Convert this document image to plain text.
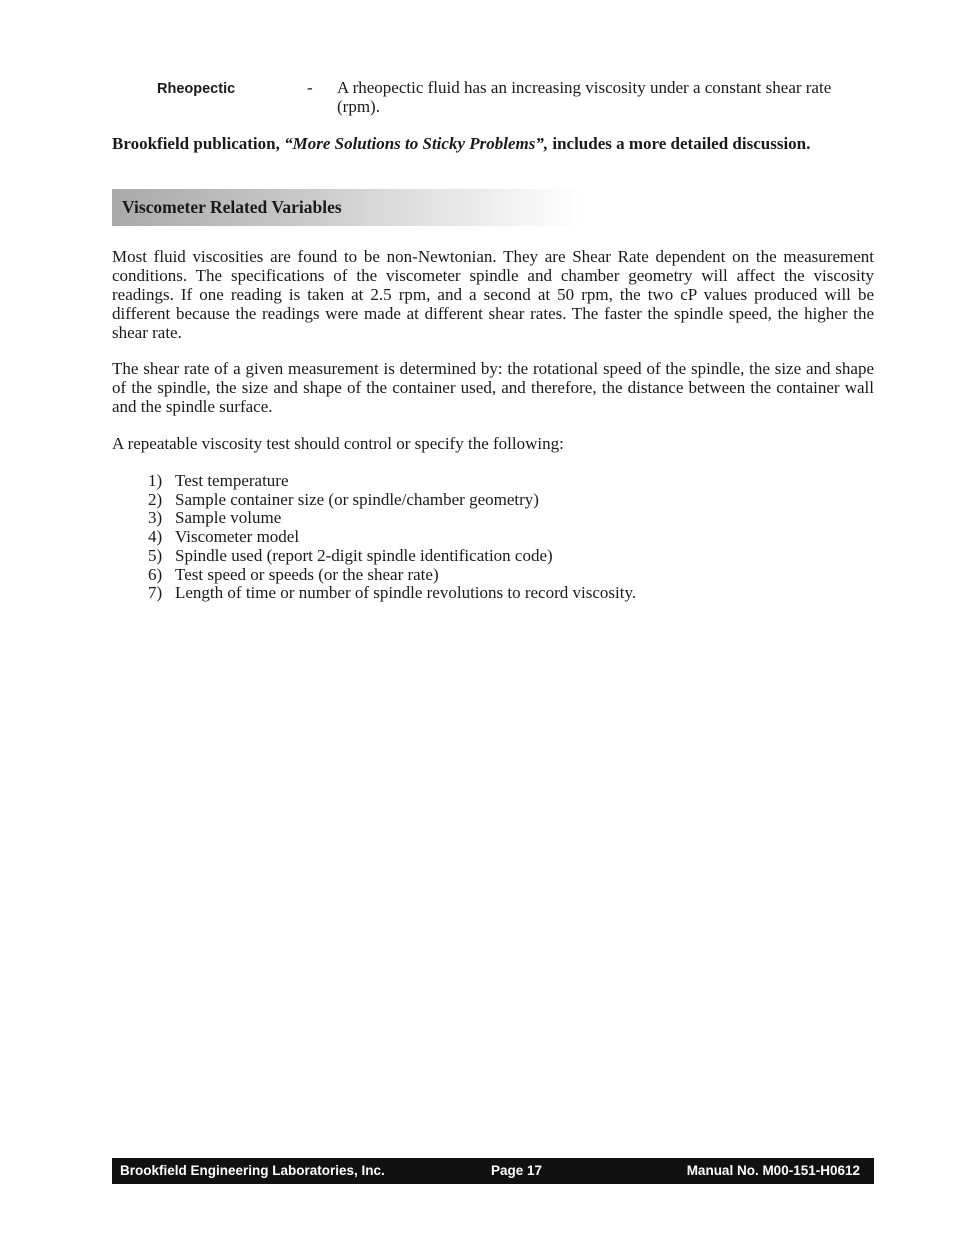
Rheopectic	- A rheopectic fluid has an increasing viscosity under a constant shear rate (rpm).
Brookfield publication, “More Solutions to Sticky Problems”, includes a more detailed discussion.
Viscometer Related Variables
Most fluid viscosities are found to be non-Newtonian. They are Shear Rate dependent on the measurement conditions. The specifications of the viscometer spindle and chamber geometry will affect the viscosity readings. If one reading is taken at 2.5 rpm, and a second at 50 rpm, the two cP values produced will be different because the readings were made at different shear rates. The faster the spindle speed, the higher the shear rate.
The shear rate of a given measurement is determined by: the rotational speed of the spindle, the size and shape of the spindle, the size and shape of the container used, and therefore, the distance between the container wall and the spindle surface.
A repeatable viscosity test should control or specify the following:
1) Test temperature
2) Sample container size (or spindle/chamber geometry)
3) Sample volume
4) Viscometer model
5) Spindle used (report 2-digit spindle identification code)
6) Test speed or speeds (or the shear rate)
7) Length of time or number of spindle revolutions to record viscosity.
Brookfield Engineering Laboratories, Inc.	Page 17	Manual No. M00-151-H0612
